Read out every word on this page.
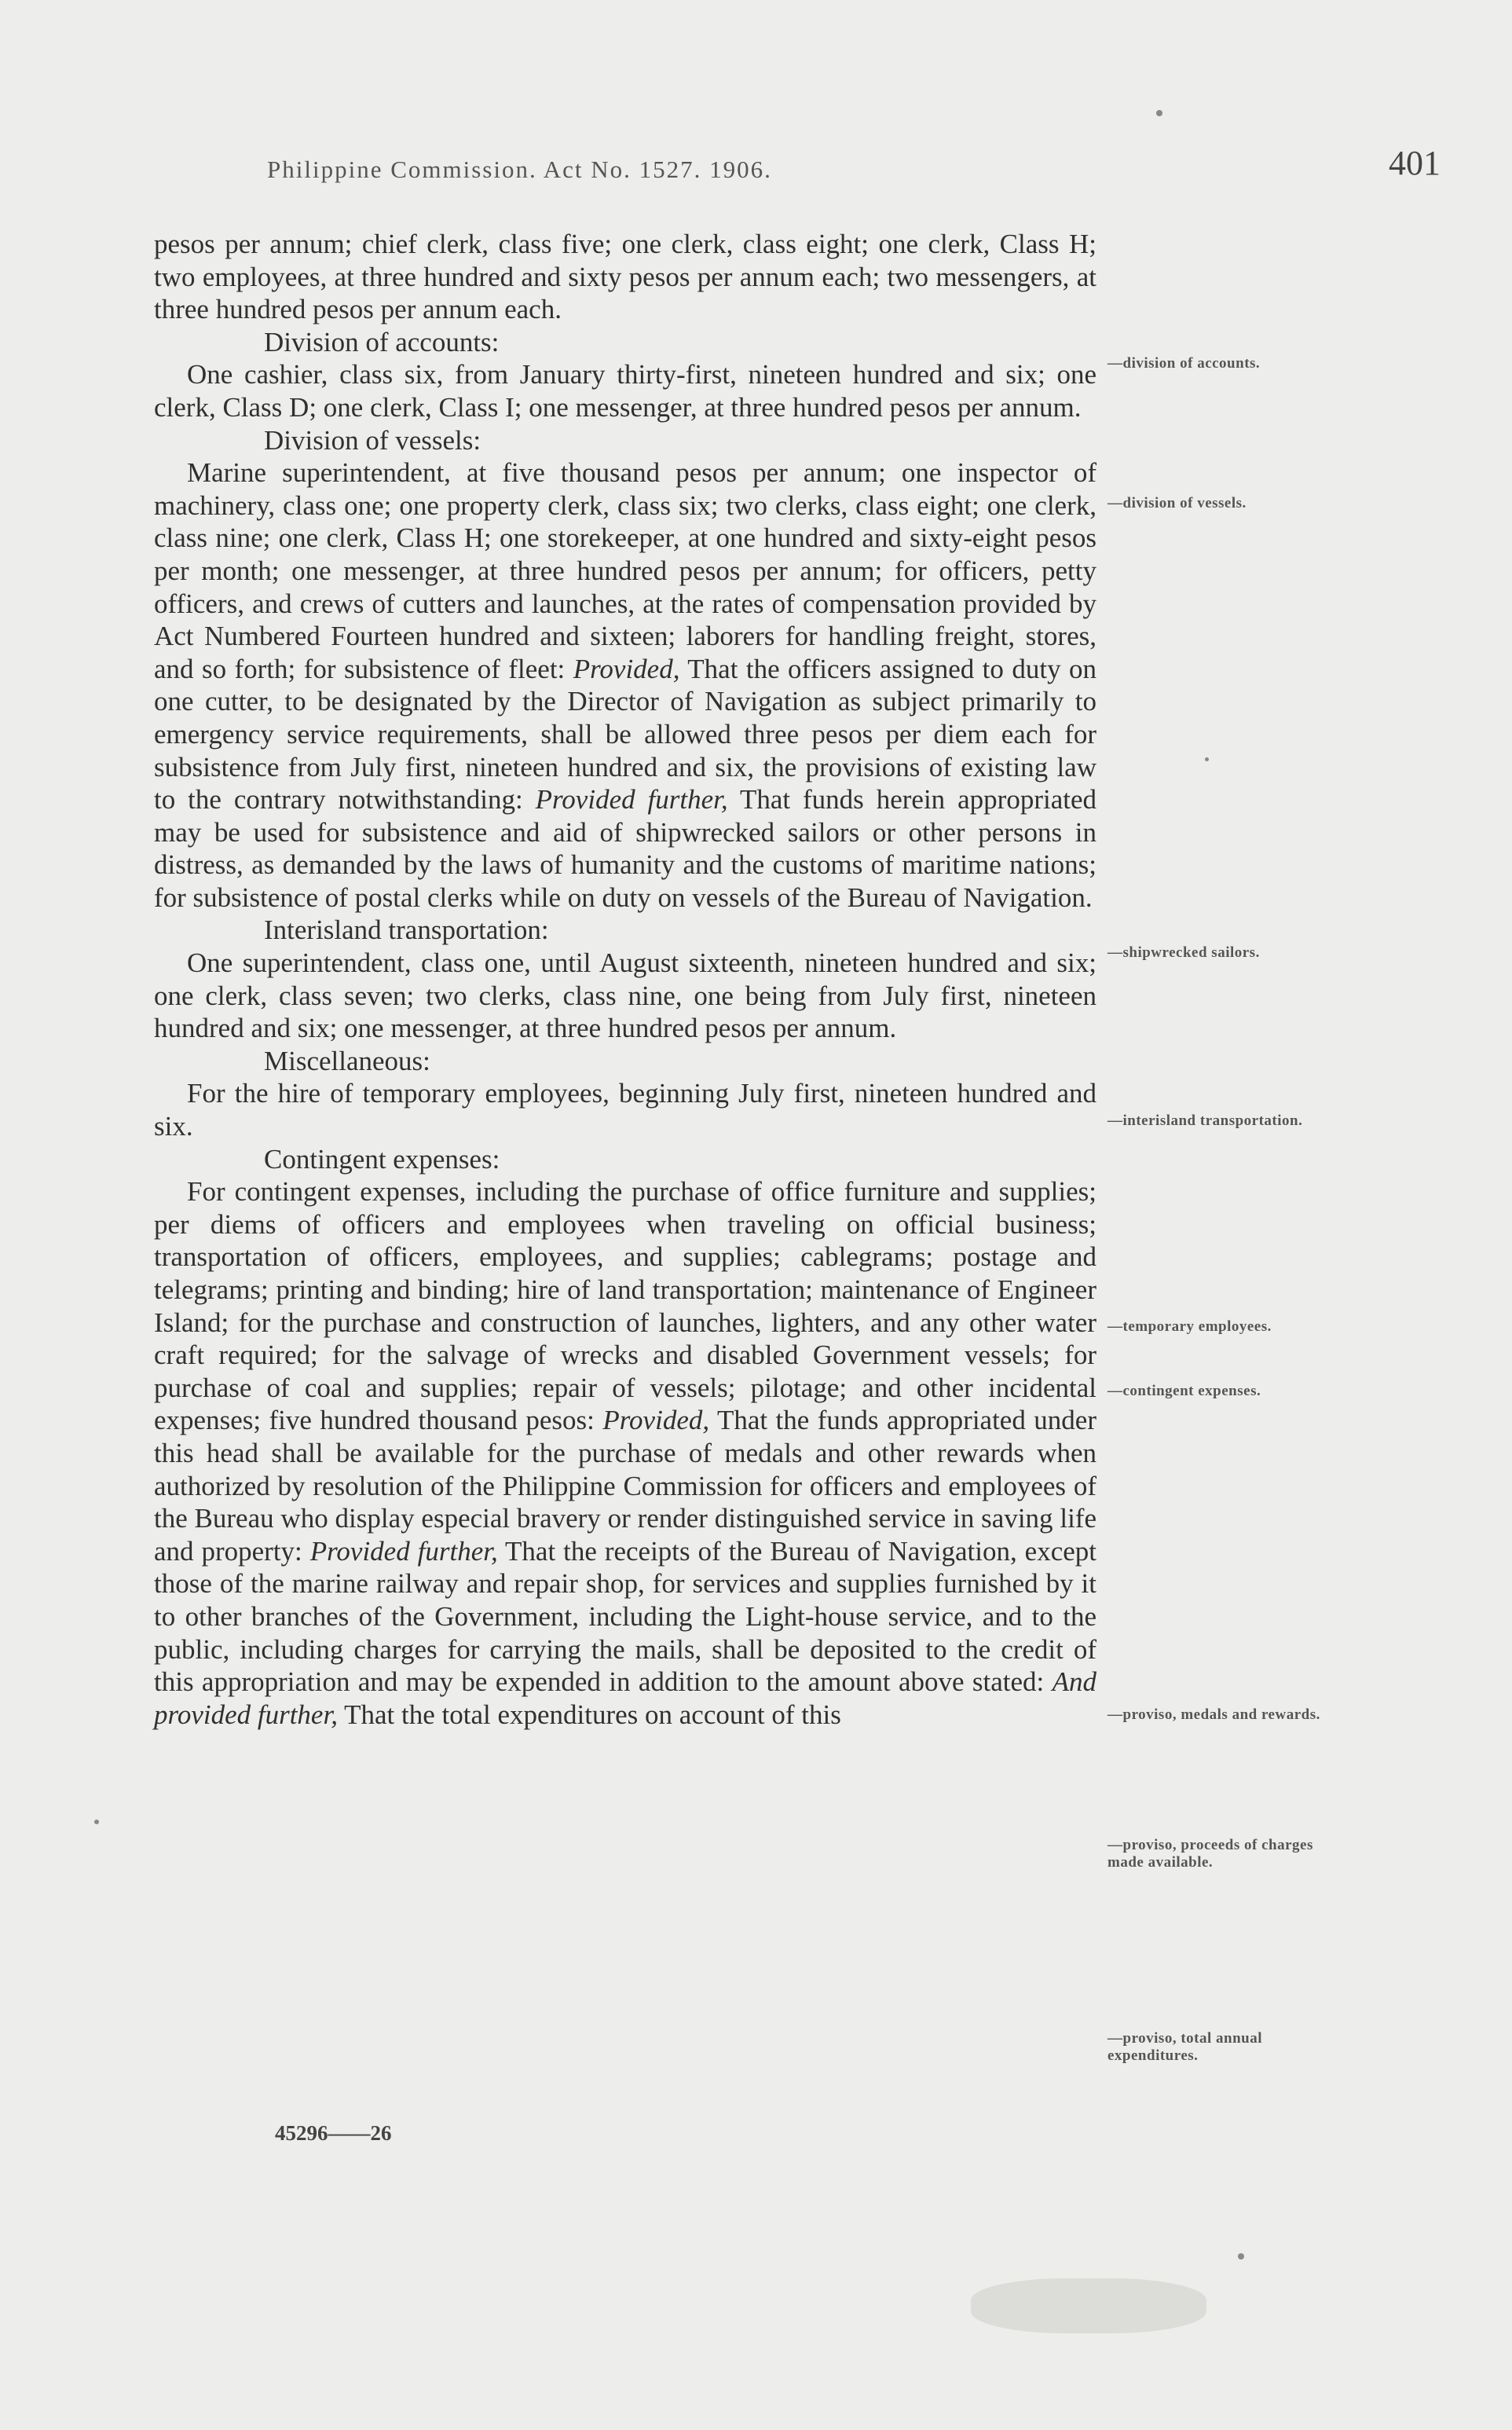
Philippine Commission. Act No. 1527. 1906.	401

pesos per annum; chief clerk, class five; one clerk, class eight; one clerk, Class H; two employees, at three hundred and sixty pesos per annum each; two messengers, at three hundred pesos per annum each.

Division of accounts:

One cashier, class six, from January thirty-first, nineteen hundred and six; one clerk, Class D; one clerk, Class I; one messenger, at three hundred pesos per annum.

Division of vessels:

Marine superintendent, at five thousand pesos per annum; one inspector of machinery, class one; one property clerk, class six; two clerks, class eight; one clerk, class nine; one clerk, Class H; one storekeeper, at one hundred and sixty-eight pesos per month; one messenger, at three hundred pesos per annum; for officers, petty officers, and crews of cutters and launches, at the rates of compensation provided by Act Numbered Fourteen hundred and sixteen; laborers for handling freight, stores, and so forth; for subsistence of fleet: Provided, That the officers assigned to duty on one cutter, to be designated by the Director of Navigation as subject primarily to emergency service requirements, shall be allowed three pesos per diem each for subsistence from July first, nineteen hundred and six, the provisions of existing law to the contrary notwithstanding: Provided further, That funds herein appropriated may be used for subsistence and aid of shipwrecked sailors or other persons in distress, as demanded by the laws of humanity and the customs of maritime nations; for subsistence of postal clerks while on duty on vessels of the Bureau of Navigation.

Interisland transportation:

One superintendent, class one, until August sixteenth, nineteen hundred and six; one clerk, class seven; two clerks, class nine, one being from July first, nineteen hundred and six; one messenger, at three hundred pesos per annum.

Miscellaneous:

For the hire of temporary employees, beginning July first, nineteen hundred and six.

Contingent expenses:

For contingent expenses, including the purchase of office furniture and supplies; per diems of officers and employees when traveling on official business; transportation of officers, employees, and supplies; cablegrams; postage and telegrams; printing and binding; hire of land transportation; maintenance of Engineer Island; for the purchase and construction of launches, lighters, and any other water craft required; for the salvage of wrecks and disabled Government vessels; for purchase of coal and supplies; repair of vessels; pilotage; and other incidental expenses; five hundred thousand pesos: Provided, That the funds appropriated under this head shall be available for the purchase of medals and other rewards when authorized by resolution of the Philippine Commission for officers and employees of the Bureau who display especial bravery or render distinguished service in saving life and property: Provided further, That the receipts of the Bureau of Navigation, except those of the marine railway and repair shop, for services and supplies furnished by it to other branches of the Government, including the Light-house service, and to the public, including charges for carrying the mails, shall be deposited to the credit of this appropriation and may be expended in addition to the amount above stated: And provided further, That the total expenditures on account of this

—division of accounts.
—division of vessels.
—shipwrecked sailors.
—interisland transportation.
—temporary employees.
—contingent expenses.
—proviso, medals and rewards.
—proviso, proceeds of charges made available.
—proviso, total annual expenditures.
45296——26
